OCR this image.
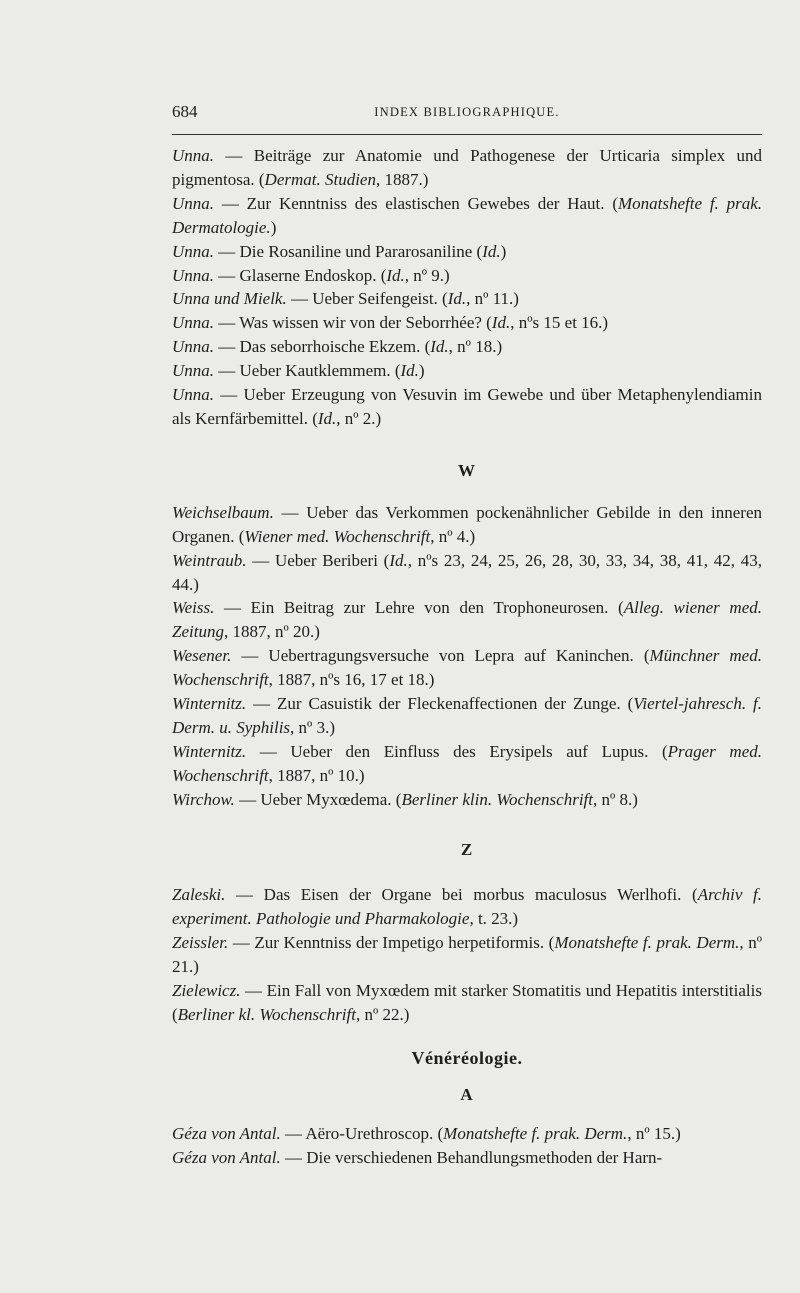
684	INDEX BIBLIOGRAPHIQUE.

Unna. — Beiträge zur Anatomie und Pathogenese der Urticaria simplex und pigmentosa. (Dermat. Studien, 1887.)

Unna. — Zur Kenntniss des elastischen Gewebes der Haut. (Monatshefte f. prak. Dermatologie.)

Unna. — Die Rosaniline und Pararosaniline (Id.)

Unna. — Glaserne Endoskop. (Id., nº 9.)

Unna und Mielk. — Ueber Seifengeist. (Id., nº 11.)

Unna. — Was wissen wir von der Seborrhée? (Id., nºs 15 et 16.)

Unna. — Das seborrhoische Ekzem. (Id., nº 18.)

Unna. — Ueber Kautklemmem. (Id.)

Unna. — Ueber Erzeugung von Vesuvin im Gewebe und über Metaphenylendiamin als Kernfärbemittel. (Id., nº 2.)

W

Weichselbaum. — Ueber das Verkommen pockenähnlicher Gebilde in den inneren Organen. (Wiener med. Wochenschrift, nº 4.)

Weintraub. — Ueber Beriberi (Id., nºs 23, 24, 25, 26, 28, 30, 33, 34, 38, 41, 42, 43, 44.)

Weiss. — Ein Beitrag zur Lehre von den Trophoneurosen. (Alleg. wiener med. Zeitung, 1887, nº 20.)

Wesener. — Uebertragungsversuche von Lepra auf Kaninchen. (Münchner med. Wochenschrift, 1887, nºs 16, 17 et 18.)

Winternitz. — Zur Casuistik der Fleckenaffectionen der Zunge. (Viertel-jahresch. f. Derm. u. Syphilis, nº 3.)

Winternitz. — Ueber den Einfluss des Erysipels auf Lupus. (Prager med. Wochenschrift, 1887, nº 10.)

Wirchow. — Ueber Myxœdema. (Berliner klin. Wochenschrift, nº 8.)

Z

Zaleski. — Das Eisen der Organe bei morbus maculosus Werlhofi. (Archiv f. experiment. Pathologie und Pharmakologie, t. 23.)

Zeissler. — Zur Kenntniss der Impetigo herpetiformis. (Monatshefte f. prak. Derm., nº 21.)

Zielewicz. — Ein Fall von Myxœdem mit starker Stomatitis und Hepatitis interstitialis (Berliner kl. Wochenschrift, nº 22.)

Vénéréologie.
A

Géza von Antal. — Aëro-Urethroscop. (Monatshefte f. prak. Derm., nº 15.)

Géza von Antal. — Die verschiedenen Behandlungsmethoden der Harn-
